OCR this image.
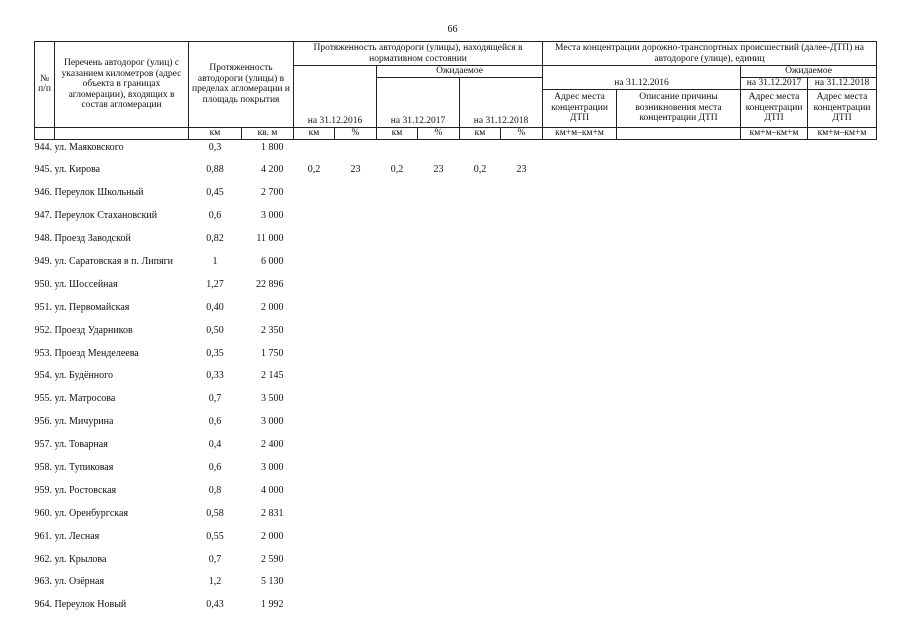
66
№ п/п	Перечень автодорог (улиц) с указанием километров (адрес объекта в границах агломерации), входящих в состав агломерации	Протяженность автодороги (улицы) в пределах агломерации и площадь покрытия		Протяженность автодороги (улицы), находящейся в нормативном состоянии						Места концентрации дорожно-транспортных происшествий (далее-ДТП) на автодороге (улице), единиц			
				на 31.12.2016		Ожидаемое				на 31.12.2016		Ожидаемое	
						на 31.12.2017		на 31.12.2018				на 31.12.2017	на 31.12.2018
										Адрес места концентрации ДТП	Описание причины возникновения места концентрации ДТП	Адрес места концентрации ДТП	Адрес места концентрации ДТП
		км	кв. м	км	%	км	%	км	%	км+м–км+м		км+м–км+м	км+м–км+м
944.	ул. Маяковского	0,3	1 800										
945.	ул. Кирова	0,88	4 200	0,2	23	0,2	23	0,2	23				
946.	Переулок Школьный	0,45	2 700										
947.	Переулок Стахановский	0,6	3 000										
948.	Проезд Заводской	0,82	11 000										
949.	ул. Саратовская в п. Липяги	1	6 000										
950.	ул. Шоссейная	1,27	22 896										
951.	ул. Первомайская	0,40	2 000										
952.	Проезд Ударников	0,50	2 350										
953.	Проезд Менделеева	0,35	1 750										
954.	ул. Будённого	0,33	2 145										
955.	ул. Матросова	0,7	3 500										
956.	ул. Мичурина	0,6	3 000										
957.	ул. Товарная	0,4	2 400										
958.	ул. Тупиковая	0,6	3 000										
959.	ул. Ростовская	0,8	4 000										
960.	ул. Оренбургская	0,58	2 831										
961.	ул. Лесная	0,55	2 000										
962.	ул. Крылова	0,7	2 590										
963.	ул. Озёрная	1,2	5 130										
964.	Переулок Новый	0,43	1 992										
